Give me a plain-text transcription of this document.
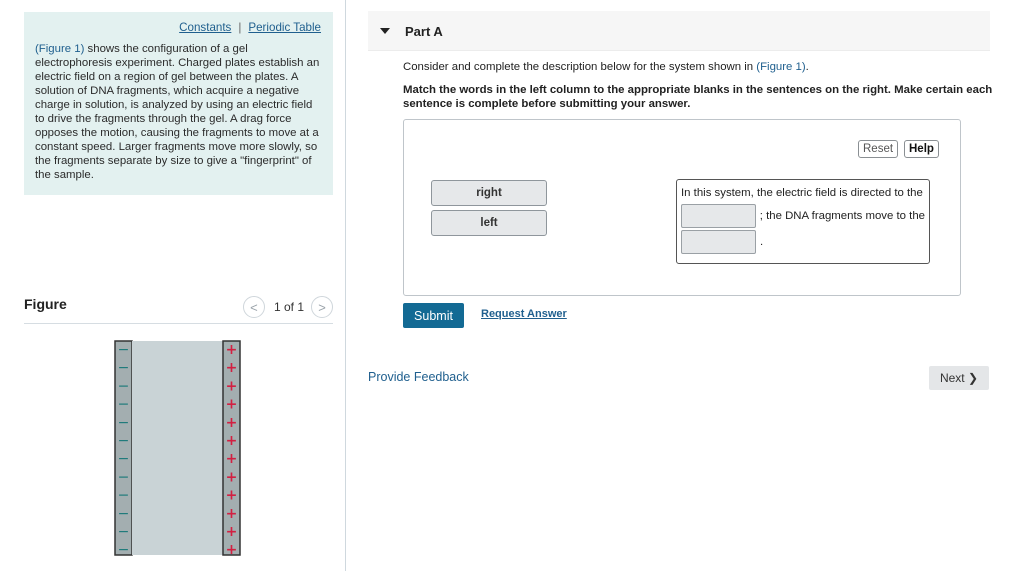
Constants | Periodic Table

(Figure 1) shows the configuration of a gel electrophoresis experiment. Charged plates establish an electric field on a region of gel between the plates. A solution of DNA fragments, which acquire a negative charge in solution, is analyzed by using an electric field to drive the fragments through the gel. A drag force opposes the motion, causing the fragments to move at a constant speed. Larger fragments move more slowly, so the fragments separate by size to give a "fingerprint" of the sample.

Figure	< 1 of 1 >
−
−
−
−
−
−
−
−
−
−
−
−
+
+
+
+
+
+
+
+
+
+
+
+
Part A
Consider and complete the description below for the system shown in (Figure 1).
Match the words in the left column to the appropriate blanks in the sentences on the right. Make certain each sentence is complete before submitting your answer.
Reset	Help
right
left
In this system, the electric field is directed to the
; the DNA fragments move to the
.
Submit	Request Answer
Provide Feedback	Next ❯
